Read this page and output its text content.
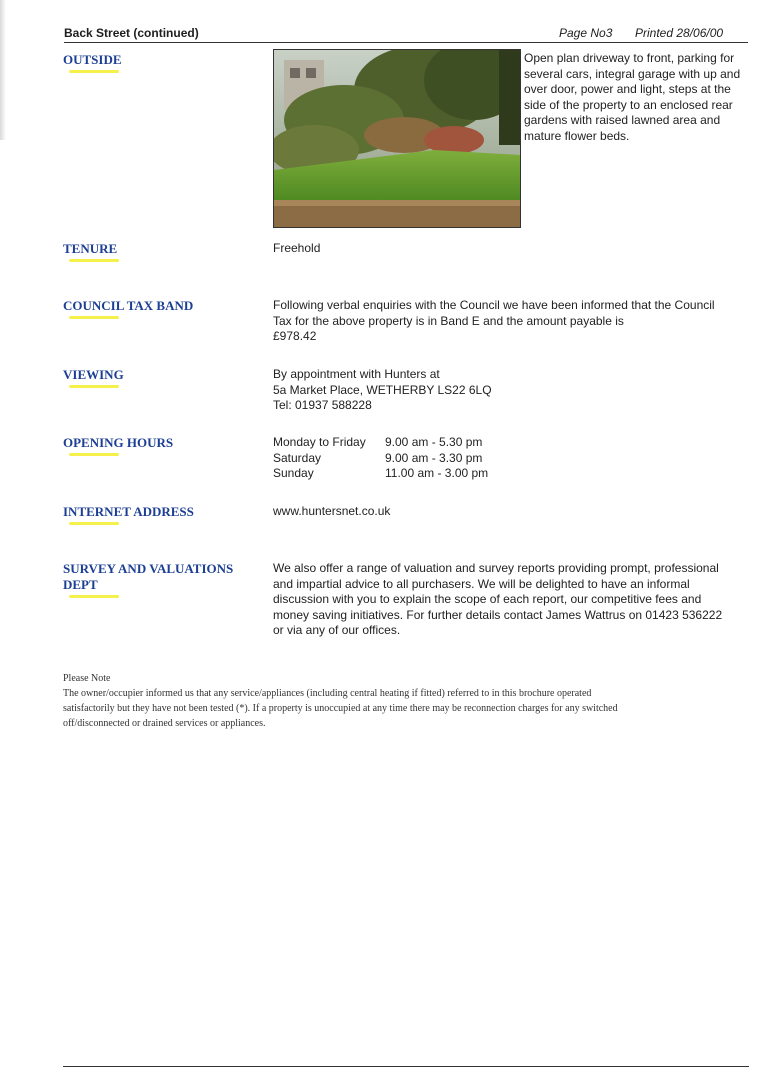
Back Street (continued)	Page No3 Printed 28/06/00
OUTSIDE	Open plan driveway to front, parking for several cars, integral garage with up and over door, power and light, steps at the side of the property to an enclosed rear gardens with raised lawned area and mature flower beds.
TENURE	Freehold
COUNCIL TAX BAND	Following verbal enquiries with the Council we have been informed that the Council
Tax for the above property is in Band E and the amount payable is
£978.42
VIEWING	By appointment with Hunters at
5a Market Place, WETHERBY LS22 6LQ
Tel: 01937 588228
OPENING HOURS	Monday to Friday	9.00 am - 5.30 pm
Saturday	9.00 am - 3.30 pm
Sunday	11.00 am - 3.00 pm
INTERNET ADDRESS	www.huntersnet.co.uk
SURVEY AND VALUATIONS
DEPT
We also offer a range of valuation and survey reports providing prompt, professional
and impartial advice to all purchasers. We will be delighted to have an informal
discussion with you to explain the scope of each report, our competitive fees and
money saving initiatives. For further details contact James Wattrus on 01423 536222
or via any of our offices.
Please Note
The owner/occupier informed us that any service/appliances (including central heating if fitted) referred to in this brochure operated
satisfactorily but they have not been tested (*). If a property is unoccupied at any time there may be reconnection charges for any switched
off/disconnected or drained services or appliances.
